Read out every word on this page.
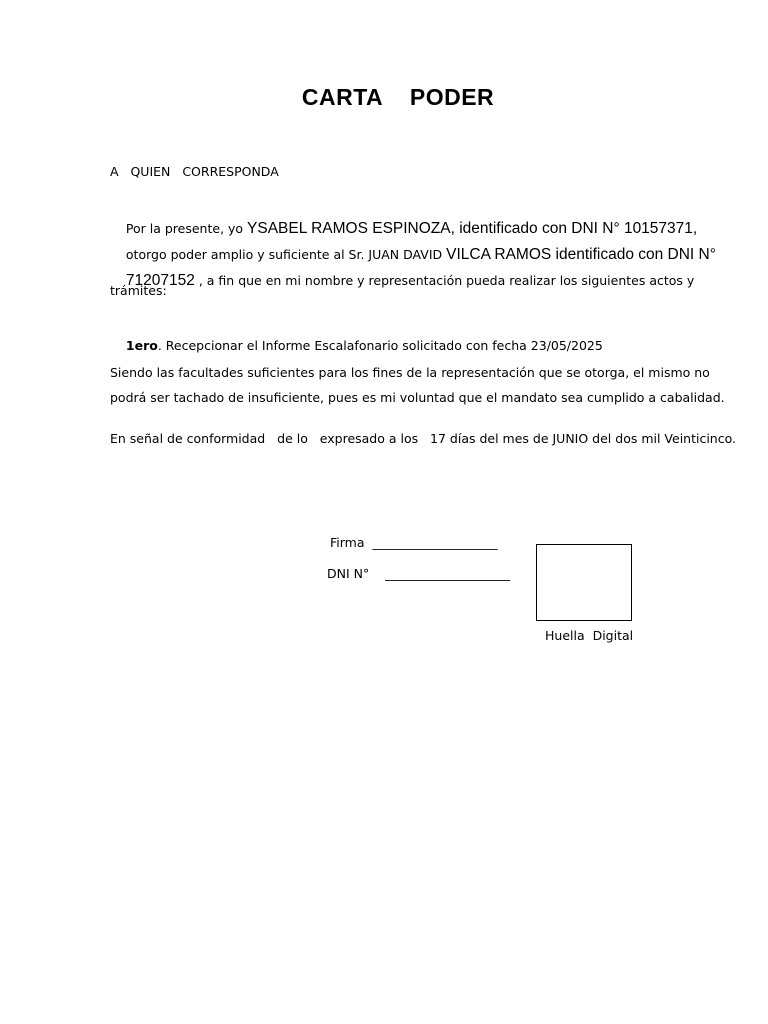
CARTA    PODER
A   QUIEN   CORRESPONDA

Por la presente, yo YSABEL RAMOS ESPINOZA, identificado con DNI N° 10157371,

otorgo poder amplio y suficiente al Sr. JUAN DAVID VILCA RAMOS identificado con DNI N°

71207152 , a fin que en mi nombre y representación pueda realizar los siguientes actos y

trámites:

1ero. Recepcionar el Informe Escalafonario solicitado con fecha 23/05/2025

Siendo las facultades suficientes para los fines de la representación que se otorga, el mismo no
podrá ser tachado de insuficiente, pues es mi voluntad que el mandato sea cumplido a cabalidad.
En señal de conformidad   de lo   expresado a los   17 días del mes de JUNIO del dos mil Veinticinco.
Firma  ____________________
DNI N°    ____________________
Huella  Digital
